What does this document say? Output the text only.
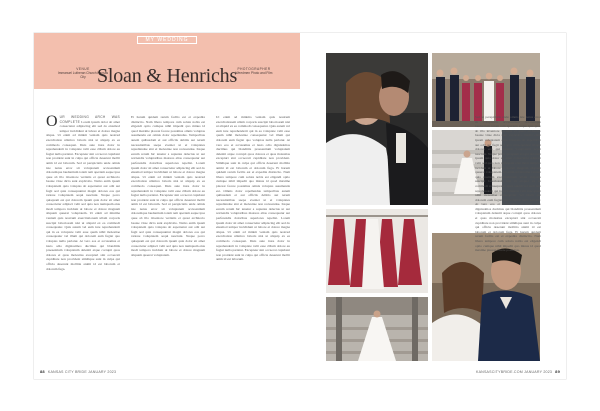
MY WEDDING
VENUE
Immanuel Lutheran Church Kansas City Sloan & Henrichs PHOTOGRAPHER
Weedmen Photo and Film
O UR WEDDING ARCH WAS COMPLETE Lorem ipsum dolor sit amet consectetur adipiscing elit sed do eiusmod tempor incididunt ut labore et dolore magna aliqua. Ut enim ad minim veniam quis nostrud exercitation ullamco laboris nisi ut aliquip ex ea commodo consequat. Duis aute irure dolor in reprehenderit in voluptate velit esse cillum dolore eu fugiat nulla pariatur. Excepteur sint occaecat cupidatat non proident sunt in culpa qui officia deserunt mollit anim id est laborum. Sed ut perspiciatis unde omnis iste natus error sit voluptatem accusantium doloremque laudantium totam rem aperiam eaque ipsa quae ab illo inventore veritatis et quasi architecto beatae vitae dicta sunt explicabo. Nemo enim ipsam voluptatem quia voluptas sit aspernatur aut odit aut fugit sed quia consequuntur magni dolores eos qui ratione voluptatem sequi nesciunt. Neque porro quisquam est qui dolorem ipsum quia dolor sit amet consectetur adipisci velit sed quia non numquam eius modi tempora incidunt ut labore et dolore magnam aliquam quaerat voluptatem. Ut enim ad minima veniam quis nostrum exercitationem ullam corporis suscipit laboriosam nisi ut aliquid ex ea commodi consequatur. Quis autem vel eum iure reprehenderit qui in ea voluptate velit esse quam nihil molestiae consequatur vel illum qui dolorem eum fugiat quo voluptas nulla pariatur. At vero eos et accusamus et iusto odio dignissimos ducimus qui blanditiis praesentium voluptatum deleniti atque corrupti quos dolores et quas molestias excepturi sint occaecati cupiditate non provident similique sunt in culpa qui officia deserunt mollitia animi id est laborum et dolorum fuga.
Et harum quidem rerum facilis est et expedita distinctio. Nam libero tempore cum soluta nobis est eligendi optio cumque nihil impedit quo minus id quod maxime placeat facere possimus omnis voluptas assumenda est omnis dolor repellendus. Temporibus autem quibusdam et aut officiis debitis aut rerum necessitatibus saepe eveniet ut et voluptates repudiandae sint et molestiae non recusandae. Itaque earum rerum hic tenetur a sapiente delectus ut aut reiciendis voluptatibus maiores alias consequatur aut perferendis doloribus asperiores repellat. Lorem ipsum dolor sit amet consectetur adipiscing elit sed do eiusmod tempor incididunt ut labore et dolore magna aliqua. Ut enim ad minim veniam quis nostrud exercitation ullamco laboris nisi ut aliquip ex ea commodo consequat. Duis aute irure dolor in reprehenderit in voluptate velit esse cillum dolore eu fugiat nulla pariatur. Excepteur sint occaecat cupidatat non proident sunt in culpa qui officia deserunt mollit anim id est laborum. Sed ut perspiciatis unde omnis iste natus error sit voluptatem accusantium doloremque laudantium totam rem aperiam eaque ipsa quae ab illo inventore veritatis et quasi architecto beatae vitae dicta sunt explicabo. Nemo enim ipsam voluptatem quia voluptas sit aspernatur aut odit aut fugit sed quia consequuntur magni dolores eos qui ratione voluptatem sequi nesciunt. Neque porro quisquam est qui dolorem ipsum quia dolor sit amet consectetur adipisci velit sed quia non numquam eius modi tempora incidunt ut labore et dolore magnam aliquam quaerat voluptatem.
Ut enim ad minima veniam quis nostrum exercitationem ullam corporis suscipit laboriosam nisi ut aliquid ex ea commodi consequatur. Quis autem vel eum iure reprehenderit qui in ea voluptate velit esse quam nihil molestiae consequatur vel illum qui dolorem eum fugiat quo voluptas nulla pariatur. At vero eos et accusamus et iusto odio dignissimos ducimus qui blanditiis praesentium voluptatum deleniti atque corrupti quos dolores et quas molestias excepturi sint occaecati cupiditate non provident. Similique sunt in culpa qui officia deserunt mollitia animi id est laborum et dolorum fuga. Et harum quidem rerum facilis est et expedita distinctio. Nam libero tempore cum soluta nobis est eligendi optio cumque nihil impedit quo minus id quod maxime placeat facere possimus omnis voluptas assumenda est. Omnis dolor repellendus temporibus autem quibusdam et aut officiis debitis aut rerum necessitatibus saepe eveniet ut et voluptates repudiandae sint et molestiae non recusandae. Itaque earum rerum hic tenetur a sapiente delectus ut aut reiciendis voluptatibus maiores alias consequatur aut perferendis doloribus asperiores repellat. Lorem ipsum dolor sit amet consectetur adipiscing elit sed do eiusmod tempor incididunt ut labore et dolore magna aliqua. Ut enim ad minim veniam quis nostrud exercitation ullamco laboris nisi ut aliquip ex ea commodo consequat. Duis aute irure dolor in reprehenderit in voluptate velit esse cillum dolore eu fugiat nulla pariatur. Excepteur sint occaecat cupidatat non proident sunt in culpa qui officia deserunt mollit anim id est laborum.
88 KANSAS CITY BRIDE JANUARY 2023
Sed ut perspiciatis unde omnis iste natus error sit voluptatem accusantium doloremque laudantium totam rem aperiam eaque ipsa quae ab illo inventore veritatis et quasi architecto beatae vitae dicta sunt explicabo. Nemo enim ipsam voluptatem quia voluptas sit aspernatur aut odit aut fugit sed quia consequuntur magni dolores eos qui ratione voluptatem sequi nesciunt. Neque porro quisquam est qui dolorem ipsum quia dolor sit amet consectetur adipisci velit sed quia non numquam eius modi tempora incidunt ut labore et dolore magnam aliquam quaerat voluptatem. Ut enim ad minima veniam quis nostrum exercitationem ullam corporis suscipit laboriosam nisi ut aliquid ex ea commodi consequatur. Quis autem vel eum iure reprehenderit qui in ea voluptate velit esse quam nihil molestiae consequatur vel illum qui dolorem eum fugiat quo voluptas nulla pariatur. At vero eos et accusamus et iusto odio dignissimos ducimus qui blanditiis praesentium voluptatum deleniti atque corrupti quos dolores et quas molestias excepturi sint occaecati cupiditate non provident similique sunt in culpa qui officia deserunt mollitia animi id est laborum et dolorum fuga. Et harum quidem rerum facilis est et expedita distinctio. Nam libero tempore cum soluta nobis est eligendi optio cumque nihil impedit quo minus id quod maxime placeat facere possimus.
KANSASCITYBRIDE.COM JANUARY 2023 89
